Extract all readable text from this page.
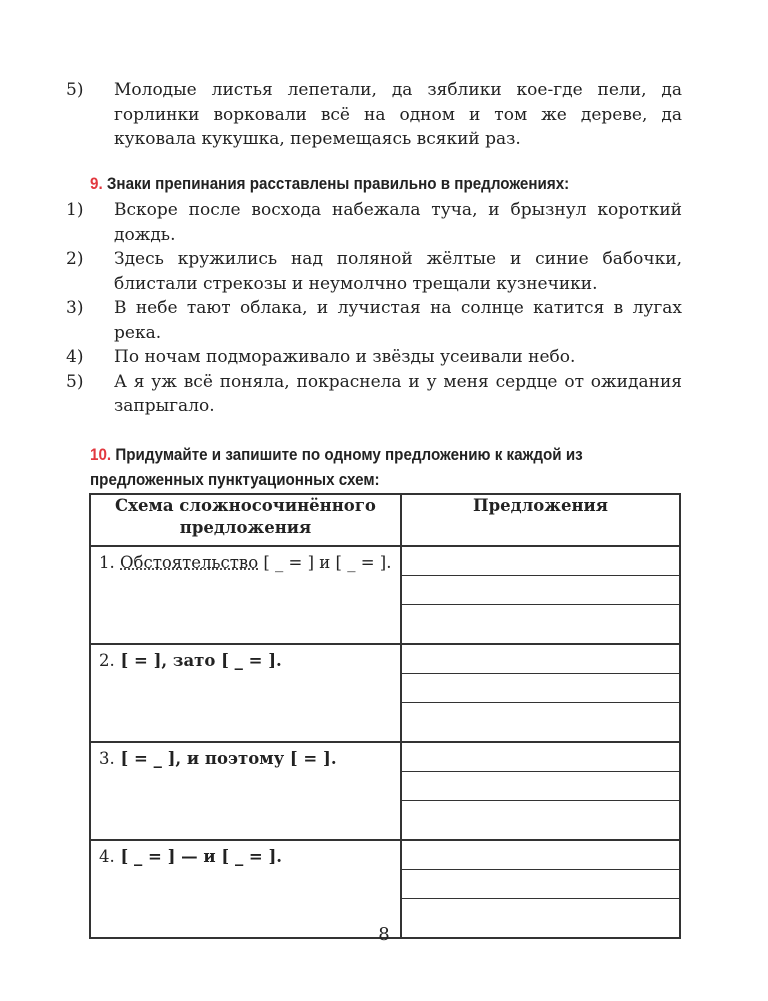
5) Молодые листья лепетали, да зяблики кое-где пели, да горлинки ворковали всё на одном и том же дереве, да куковала кукушка, перемещаясь всякий раз.
9. Знаки препинания расставлены правильно в предложениях:
1) Вскоре после восхода набежала туча, и брызнул короткий дождь.
2) Здесь кружились над поляной жёлтые и синие бабочки, блистали стрекозы и неумолчно трещали кузнечики.
3) В небе тают облака, и лучистая на солнце катится в лугах река.
4) По ночам подмораживало и звёзды усеивали небо.
5) А я уж всё поняла, покраснела и у меня сердце от ожидания запрыгало.
10. Придумайте и запишите по одному предложению к каждой из предложенных пунктуационных схем:
Схема сложносочинённого предложения	Предложения
1. Обстоятельство [ _ = ] и [ _ = ].	

2. [ = ], зато [ _ = ].	

3. [ = _ ], и поэтому [ = ].	

4. [ _ = ] — и [ _ = ].	
8
